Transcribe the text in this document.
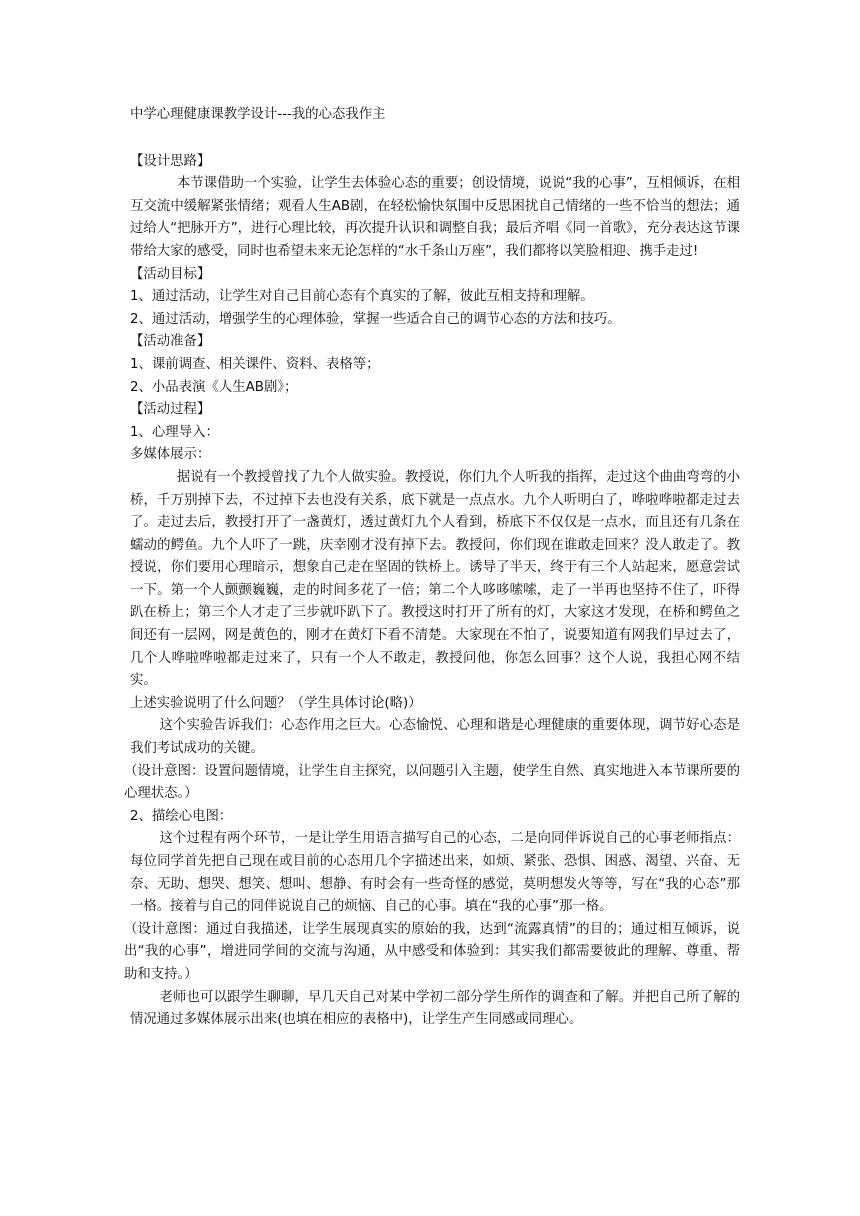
中学心理健康课教学设计---我的心态我作主

【设计思路】

本节课借助一个实验，让学生去体验心态的重要；创设情境，说说“我的心事”，互相倾诉，在相互交流中缓解紧张情绪；观看人生AB剧，在轻松愉快氛围中反思困扰自己情绪的一些不恰当的想法；通过给人“把脉开方”，进行心理比较，再次提升认识和调整自我；最后齐唱《同一首歌》，充分表达这节课带给大家的感受，同时也希望未来无论怎样的“水千条山万座”，我们都将以笑脸相迎、携手走过!

【活动目标】

1、通过活动，让学生对自己目前心态有个真实的了解，彼此互相支持和理解。

2、通过活动，增强学生的心理体验，掌握一些适合自己的调节心态的方法和技巧。

【活动准备】

1、课前调查、相关课件、资料、表格等；

2、小品表演《人生AB剧》；

【活动过程】

1、心理导入：

多媒体展示：

据说有一个教授曾找了九个人做实验。教授说，你们九个人听我的指挥，走过这个曲曲弯弯的小桥，千万别掉下去，不过掉下去也没有关系，底下就是一点点水。九个人听明白了，哗啦哗啦都走过去了。走过去后，教授打开了一盏黄灯，透过黄灯九个人看到，桥底下不仅仅是一点水，而且还有几条在蠕动的鳄鱼。九个人吓了一跳，庆幸刚才没有掉下去。教授问，你们现在谁敢走回来？没人敢走了。教授说，你们要用心理暗示，想象自己走在坚固的铁桥上。诱导了半天，终于有三个人站起来，愿意尝试一下。第一个人颤颤巍巍，走的时间多花了一倍；第二个人哆哆嗦嗦，走了一半再也坚持不住了，吓得趴在桥上；第三个人才走了三步就吓趴下了。教授这时打开了所有的灯，大家这才发现，在桥和鳄鱼之间还有一层网，网是黄色的，刚才在黄灯下看不清楚。大家现在不怕了，说要知道有网我们早过去了，几个人哗啦哗啦都走过来了，只有一个人不敢走，教授问他，你怎么回事？这个人说，我担心网不结实。

上述实验说明了什么问题？（学生具体讨论(略)）

这个实验告诉我们：心态作用之巨大。心态愉悦、心理和谐是心理健康的重要体现，调节好心态是我们考试成功的关键。

（设计意图：设置问题情境，让学生自主探究，以问题引入主题，使学生自然、真实地进入本节课所要的心理状态。）

2、描绘心电图：

这个过程有两个环节，一是让学生用语言描写自己的心态，二是向同伴诉说自己的心事老师指点：每位同学首先把自己现在或目前的心态用几个字描述出来，如烦、紧张、恐惧、困惑、渴望、兴奋、无奈、无助、想哭、想笑、想叫、想静、有时会有一些奇怪的感觉，莫明想发火等等，写在“我的心态”那一格。接着与自己的同伴说说自己的烦恼、自己的心事。填在“我的心事”那一格。

（设计意图：通过自我描述，让学生展现真实的原始的我，达到“流露真情”的目的；通过相互倾诉，说出“我的心事”，增进同学间的交流与沟通，从中感受和体验到：其实我们都需要彼此的理解、尊重、帮助和支持。）

老师也可以跟学生聊聊，早几天自己对某中学初二部分学生所作的调查和了解。并把自己所了解的情况通过多媒体展示出来(也填在相应的表格中)，让学生产生同感或同理心。
